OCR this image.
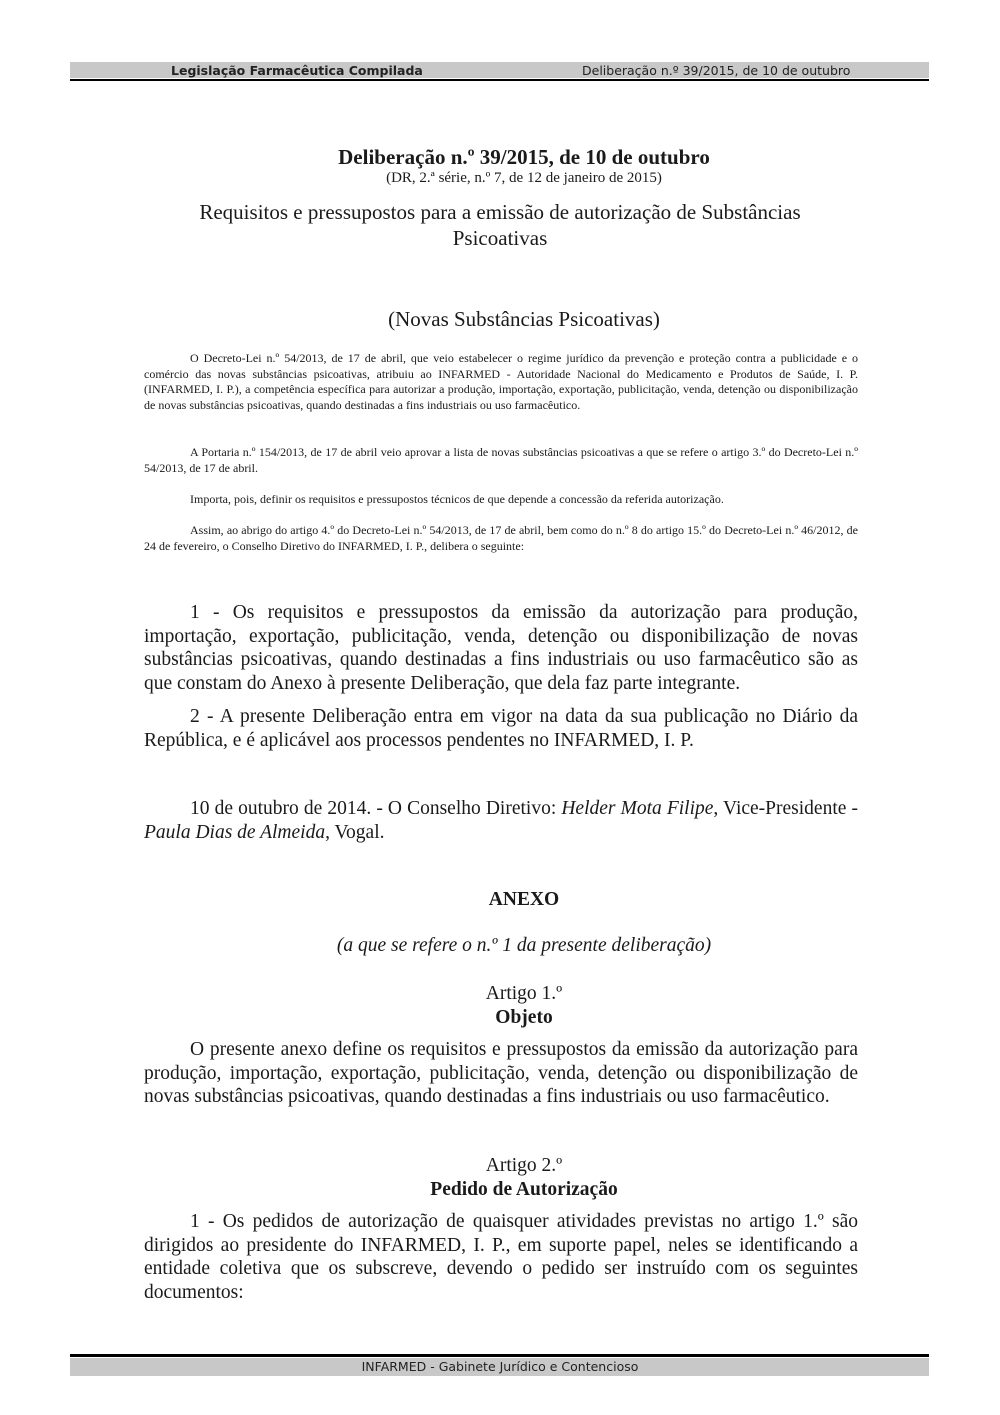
Legislação Farmacêutica Compilada	Deliberação n.º 39/2015, de 10 de outubro
Deliberação n.º 39/2015, de 10 de outubro
(DR, 2.ª série, n.º 7, de 12 de janeiro de 2015)
Requisitos e pressupostos para a emissão de autorização de Substâncias Psicoativas
(Novas Substâncias Psicoativas)
O Decreto-Lei n.º 54/2013, de 17 de abril, que veio estabelecer o regime jurídico da prevenção e proteção contra a publicidade e o comércio das novas substâncias psicoativas, atribuiu ao INFARMED - Autoridade Nacional do Medicamento e Produtos de Saúde, I. P. (INFARMED, I. P.), a competência específica para autorizar a produção, importação, exportação, publicitação, venda, detenção ou disponibilização de novas substâncias psicoativas, quando destinadas a fins industriais ou uso farmacêutico.
A Portaria n.º 154/2013, de 17 de abril veio aprovar a lista de novas substâncias psicoativas a que se refere o artigo 3.º do Decreto-Lei n.º 54/2013, de 17 de abril.
Importa, pois, definir os requisitos e pressupostos técnicos de que depende a concessão da referida autorização.
Assim, ao abrigo do artigo 4.º do Decreto-Lei n.º 54/2013, de 17 de abril, bem como do n.º 8 do artigo 15.º do Decreto-Lei n.º 46/2012, de 24 de fevereiro, o Conselho Diretivo do INFARMED, I. P., delibera o seguinte:
1 - Os requisitos e pressupostos da emissão da autorização para produção, importação, exportação, publicitação, venda, detenção ou disponibilização de novas substâncias psicoativas, quando destinadas a fins industriais ou uso farmacêutico são as que constam do Anexo à presente Deliberação, que dela faz parte integrante.
2 - A presente Deliberação entra em vigor na data da sua publicação no Diário da República, e é aplicável aos processos pendentes no INFARMED, I. P.
10 de outubro de 2014. - O Conselho Diretivo: Helder Mota Filipe, Vice-Presidente - Paula Dias de Almeida, Vogal.
ANEXO
(a que se refere o n.º 1 da presente deliberação)
Artigo 1.º
Objeto
O presente anexo define os requisitos e pressupostos da emissão da autorização para produção, importação, exportação, publicitação, venda, detenção ou disponibilização de novas substâncias psicoativas, quando destinadas a fins industriais ou uso farmacêutico.
Artigo 2.º
Pedido de Autorização
1 - Os pedidos de autorização de quaisquer atividades previstas no artigo 1.º são dirigidos ao presidente do INFARMED, I. P., em suporte papel, neles se identificando a entidade coletiva que os subscreve, devendo o pedido ser instruído com os seguintes documentos:
INFARMED - Gabinete Jurídico e Contencioso
